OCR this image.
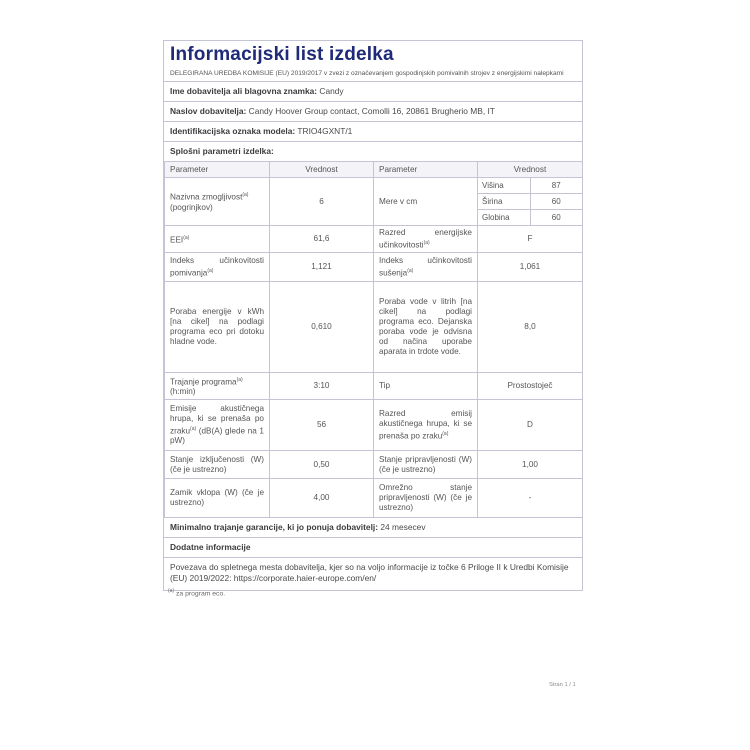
Informacijski list izdelka
DELEGIRANA UREDBA KOMISIJE (EU) 2019/2017 v zvezi z označevanjem gospodinjskih pomivalnih strojev z energijskimi nalepkami
Ime dobavitelja ali blagovna znamka: Candy
Naslov dobavitelja: Candy Hoover Group contact, Comolli 16, 20861 Brugherio MB, IT
Identifikacijska oznaka modela: TRIO4GXNT/1
Splošni parametri izdelka:
Parameter	Vrednost	Parameter	Vrednost
Nazivna zmogljivost$^{(a)}$
(pogrinjkov)	6	Mere v cm	
Višina	87
Širina	60
Globina	60

EEI$^{(a)}$	61,6	Razred energijske učinkovitosti$^{(a)}$	F
Indeks učinkovitosti pomivanja$^{(a)}$	1,121	Indeks učinkovitosti sušenja$^{(a)}$	1,061
Poraba energije v kWh [na cikel] na podlagi programa eco pri dotoku hladne vode.	0,610	Poraba vode v litrih [na cikel] na podlagi programa eco. Dejanska poraba vode je odvisna od načina uporabe aparata in trdote vode.	8,0
Trajanje programa$^{(a)}$
(h:min)	3:10	Tip	Prostostoječ
Emisije akustičnega hrupa, ki se prenaša po zraku$^{(a)}$ (dB(A) glede na 1 pW)	56	Razred emisij akustičnega hrupa, ki se prenaša po zraku$^{(a)}$	D
Stanje izključenosti (W) (če je ustrezno)	0,50	Stanje pripravljenosti (W) (če je ustrezno)	1,00
Zamik vklopa (W) (če je ustrezno)	4,00	Omrežno stanje pripravljenosti (W) (če je ustrezno)	-
Minimalno trajanje garancije, ki jo ponuja dobavitelj: 24 mesecev
Dodatne informacije
Povezava do spletnega mesta dobavitelja, kjer so na voljo informacije iz točke 6 Priloge II k Uredbi Komisije (EU) 2019/2022: https://corporate.haier-europe.com/en/
$^{(a)}$ za program eco.
Stran 1 / 1
